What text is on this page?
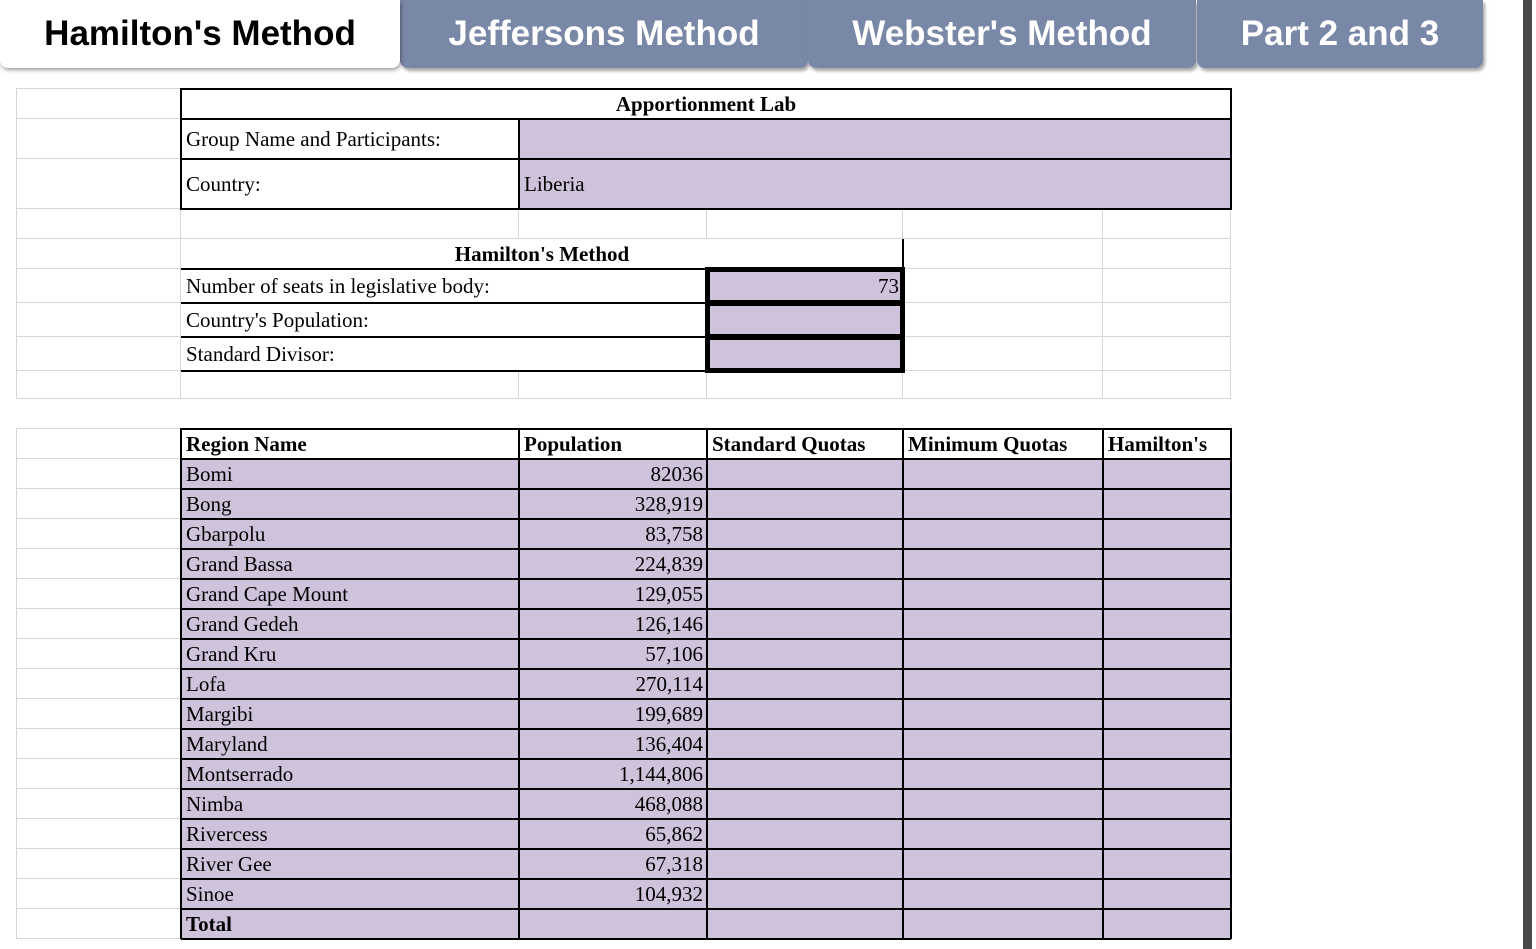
Jeffersons Method	Webster's Method	Part 2 and 3
Hamilton's Method
Apportionment Lab
Group Name and Participants:
Country:	Liberia
Hamilton's Method
Number of seats in legislative body:	73
Country's Population:
Standard Divisor:
Region Name	Population	Standard Quotas	Minimum Quotas	Hamilton's
Bomi	82036
Bong	328,919
Gbarpolu	83,758
Grand Bassa	224,839
Grand Cape Mount	129,055
Grand Gedeh	126,146
Grand Kru	57,106
Lofa	270,114
Margibi	199,689
Maryland	136,404
Montserrado	1,144,806
Nimba	468,088
Rivercess	65,862
River Gee	67,318
Sinoe	104,932
Total
